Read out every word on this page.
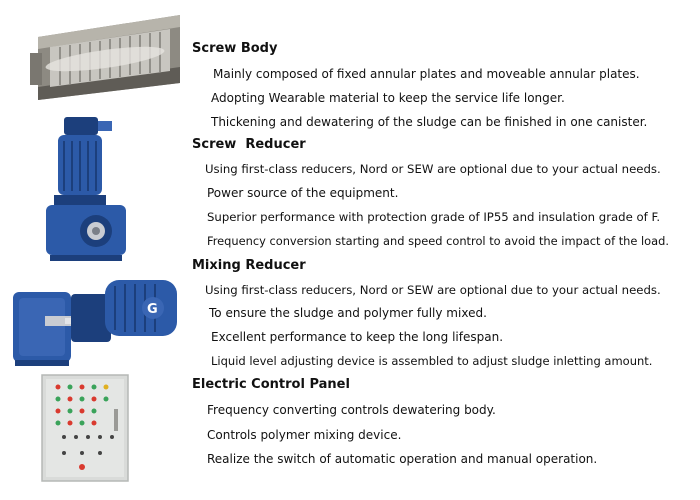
G
Screw Body
Mainly composed of fixed annular plates and moveable annular plates.
Adopting Wearable material to keep the service life longer.
Thickening and dewatering of the sludge can be finished in one canister.
Screw  Reducer
Using first-class reducers, Nord or SEW are optional due to your actual needs.
Power source of the equipment.
Superior performance with protection grade of IP55 and insulation grade of F.
Frequency conversion starting and speed control to avoid the impact of the load.
Mixing Reducer
Using first-class reducers, Nord or SEW are optional due to your actual needs.
To ensure the sludge and polymer fully mixed.
Excellent performance to keep the long lifespan.
Liquid level adjusting device is assembled to adjust sludge inletting amount.
Electric Control Panel
Frequency converting controls dewatering body.
Controls polymer mixing device.
Realize the switch of automatic operation and manual operation.
